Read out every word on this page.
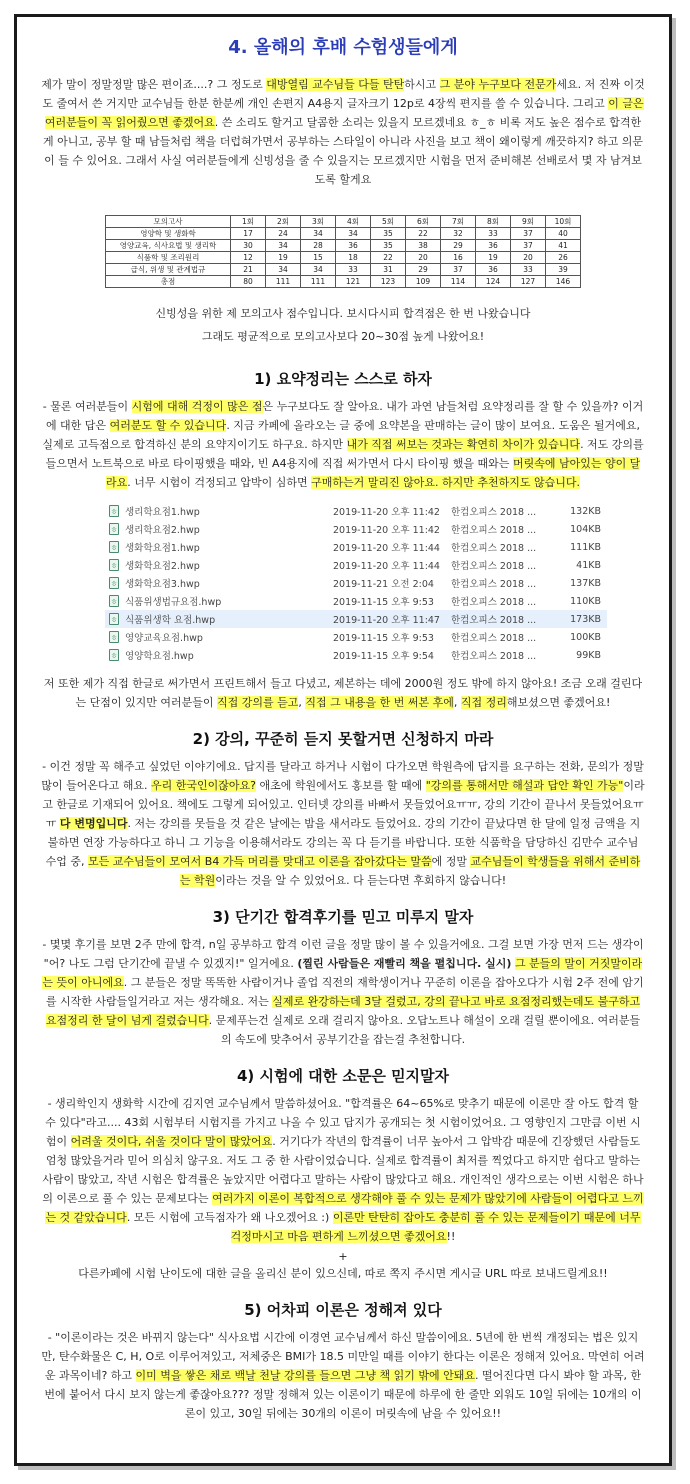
4. 올해의 후배 수험생들에게

제가 말이 정말정말 많은 편이죠....? 그 정도로 대방열림 교수님들 다들 탄탄하시고 그 분야 누구보다 전문가세요. 저 진짜 이것도 줄여서 쓴 거지만 교수님들 한분 한분께 개인 손편지 A4용지 글자크기 12p로 4장씩 편지를 쓸 수 있습니다. 그리고 이 글은 여러분들이 꼭 읽어줬으면 좋겠어요. 쓴 소리도 할거고 달콤한 소리는 있을지 모르겠네요 ㅎ_ㅎ 비록 저도 높은 점수로 합격한게 아니고, 공부 할 때 남들처럼 책을 더럽혀가면서 공부하는 스타일이 아니라 사진을 보고 책이 왜이렇게 깨끗하지? 하고 의문이 들 수 있어요. 그래서 사실 여러분들에게 신빙성을 줄 수 있을지는 모르겠지만 시험을 먼저 준비해본 선배로서 몇 자 남겨보도록 할게요

모의고사	1회	2회	3회	4회	5회	6회	7회	8회	9회	10회
영양학 및 생화학	17	24	34	34	35	22	32	33	37	40
영양교육, 식사요법 및 생리학	30	34	28	36	35	38	29	36	37	41
식품학 및 조리원리	12	19	15	18	22	20	16	19	20	26
급식, 위생 및 관계법규	21	34	34	33	31	29	37	36	33	39
총점	80	111	111	121	123	109	114	124	127	146

신빙성을 위한 제 모의고사 점수입니다. 보시다시피 합격점은 한 번 나왔습니다

그래도 평균적으로 모의고사보다 20~30점 높게 나왔어요!

1) 요약정리는 스스로 하자

- 물론 여러분들이 시험에 대해 걱정이 많은 점은 누구보다도 잘 알아요. 내가 과연 남들처럼 요약정리를 잘 할 수 있을까? 이거에 대한 답은 여러분도 할 수 있습니다. 지금 카페에 올라오는 글 중에 요약본을 판매하는 글이 많이 보여요. 도움은 될거에요, 실제로 고득점으로 합격하신 분의 요약지이기도 하구요. 하지만 내가 직접 써보는 것과는 확연히 차이가 있습니다. 저도 강의를 들으면서 노트북으로 바로 타이핑했을 때와, 빈 A4용지에 직접 써가면서 다시 타이핑 했을 때와는 머릿속에 남아있는 양이 달라요. 너무 시험이 걱정되고 압박이 심하면 구매하는거 말리진 않아요. 하지만 추천하지도 않습니다.

ㅎ 생리학요점1.hwp	2019-11-20 오후 11:42	한컴오피스 2018 ...	132KB
ㅎ 생리학요점2.hwp	2019-11-20 오후 11:42	한컴오피스 2018 ...	104KB
ㅎ 생화학요점1.hwp	2019-11-20 오후 11:44	한컴오피스 2018 ...	111KB
ㅎ 생화학요점2.hwp	2019-11-20 오후 11:44	한컴오피스 2018 ...	41KB
ㅎ 생화학요점3.hwp	2019-11-21 오전 2:04	한컴오피스 2018 ...	137KB
ㅎ 식품위생법규요점.hwp	2019-11-15 오후 9:53	한컴오피스 2018 ...	110KB
ㅎ 식품위생학 요점.hwp	2019-11-20 오후 11:47	한컴오피스 2018 ...	173KB
ㅎ 영양교육요점.hwp	2019-11-15 오후 9:53	한컴오피스 2018 ...	100KB
ㅎ 영양학요점.hwp	2019-11-15 오후 9:54	한컴오피스 2018 ...	99KB

저 또한 제가 직접 한글로 써가면서 프린트해서 들고 다녔고, 제본하는 데에 2000원 정도 밖에 하지 않아요! 조금 오래 걸린다는 단점이 있지만 여러분들이 직접 강의를 듣고, 직접 그 내용을 한 번 써본 후에, 직접 정리해보셨으면 좋겠어요!

2) 강의, 꾸준히 듣지 못할거면 신청하지 마라

- 이건 정말 꼭 해주고 싶었던 이야기에요. 답지를 달라고 하거나 시험이 다가오면 학원측에 답지를 요구하는 전화, 문의가 정말 많이 들어온다고 해요. 우리 한국인이잖아요? 애초에 학원에서도 홍보를 할 때에 "강의를 통해서만 해설과 답안 확인 가능"이라고 한글로 기재되어 있어요. 책에도 그렇게 되어있고. 인터넷 강의를 바빠서 못들었어요ㅠㅠ, 강의 기간이 끝나서 못들었어요ㅠㅠ 다 변명입니다. 저는 강의를 못들을 것 같은 날에는 밤을 새서라도 들었어요. 강의 기간이 끝났다면 한 달에 일정 금액을 지불하면 연장 가능하다고 하니 그 기능을 이용해서라도 강의는 꼭 다 듣기를 바랍니다. 또한 식품학을 담당하신 김만수 교수님 수업 중, 모든 교수님들이 모여서 B4 가득 머리를 맞대고 이론을 잡아갔다는 말씀에 정말 교수님들이 학생들을 위해서 준비하는 학원이라는 것을 알 수 있었어요. 다 듣는다면 후회하지 않습니다!

3) 단기간 합격후기를 믿고 미루지 말자

- 몇몇 후기를 보면 2주 만에 합격, n일 공부하고 합격 이런 글을 정말 많이 볼 수 있을거에요. 그걸 보면 가장 먼저 드는 생각이 "어? 나도 그럼 단기간에 끝낼 수 있겠지!" 일거에요. (찔린 사람들은 재빨리 책을 펼칩니다. 실시) 그 분들의 말이 거짓말이라는 뜻이 아니에요. 그 분들은 정말 똑똑한 사람이거나 졸업 직전의 재학생이거나 꾸준히 이론을 잡아오다가 시험 2주 전에 암기를 시작한 사람들일거라고 저는 생각해요. 저는 실제로 완강하는데 3달 걸렸고, 강의 끝나고 바로 요점정리했는데도 불구하고 요점정리 한 달이 넘게 걸렸습니다. 문제푸는건 실제로 오래 걸리지 않아요. 오답노트나 해설이 오래 걸릴 뿐이에요. 여러분들의 속도에 맞추어서 공부기간을 잡는걸 추천합니다.

4) 시험에 대한 소문은 믿지말자

- 생리학인지 생화학 시간에 김지연 교수님께서 말씀하셨어요. "합격률은 64~65%로 맞추기 때문에 이론만 잘 아도 합격 할 수 있다"라고.... 43회 시험부터 시험지를 가지고 나올 수 있고 답지가 공개되는 첫 시험이었어요. 그 영향인지 그만큼 이번 시험이 어려울 것이다, 쉬울 것이다 말이 많았어요. 거기다가 작년의 합격률이 너무 높아서 그 압박감 때문에 긴장했던 사람들도 엄청 많았을거라 믿어 의심치 않구요. 저도 그 중 한 사람이었습니다. 실제로 합격률이 최저를 찍었다고 하지만 쉽다고 말하는 사람이 많았고, 작년 시험은 합격률은 높았지만 어렵다고 말하는 사람이 많았다고 해요. 개인적인 생각으로는 이번 시험은 하나의 이론으로 풀 수 있는 문제보다는 여러가지 이론이 복합적으로 생각해야 풀 수 있는 문제가 많았기에 사람들이 어렵다고 느끼는 것 같았습니다. 모든 시험에 고득점자가 왜 나오겠어요 :) 이론만 탄탄히 잡아도 충분히 풀 수 있는 문제들이기 때문에 너무 걱정마시고 마음 편하게 느끼셨으면 좋겠어요!!

+

다른카페에 시험 난이도에 대한 글을 올리신 분이 있으신데, 따로 쪽지 주시면 게시글 URL 따로 보내드릴게요!!

5) 어차피 이론은 정해져 있다

- "이론이라는 것은 바뀌지 않는다" 식사요법 시간에 이경연 교수님께서 하신 말씀이에요. 5년에 한 번씩 개정되는 법은 있지만, 탄수화물은 C, H, O로 이루어져있고, 저체중은 BMI가 18.5 미만일 때를 이야기 한다는 이론은 정해져 있어요. 막연히 어려운 과목이네? 하고 이미 벽을 쌓은 채로 백날 천날 강의를 들으면 그냥 책 읽기 밖에 안돼요. 떨어진다면 다시 봐야 할 과목, 한 번에 붙어서 다시 보지 않는게 좋잖아요??? 정말 정해져 있는 이론이기 때문에 하루에 한 줄만 외워도 10일 뒤에는 10개의 이론이 있고, 30일 뒤에는 30개의 이론이 머릿속에 남을 수 있어요!!
